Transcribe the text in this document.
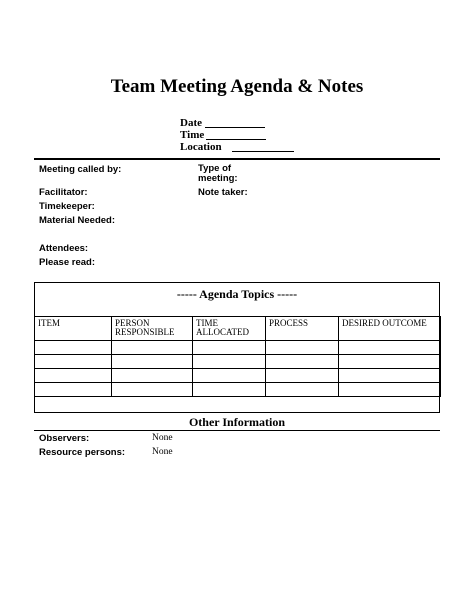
Team Meeting Agenda & Notes
Date
Time
Location
Meeting called by:	Type of meeting:
Facilitator:	Note taker:
Timekeeper:
Material Needed:
Attendees:
Please read:
----- Agenda Topics -----
ITEM	PERSON RESPONSIBLE	TIME ALLOCATED	PROCESS	DESIRED OUTCOME

Other Information
Observers:	None
Resource persons:	None
